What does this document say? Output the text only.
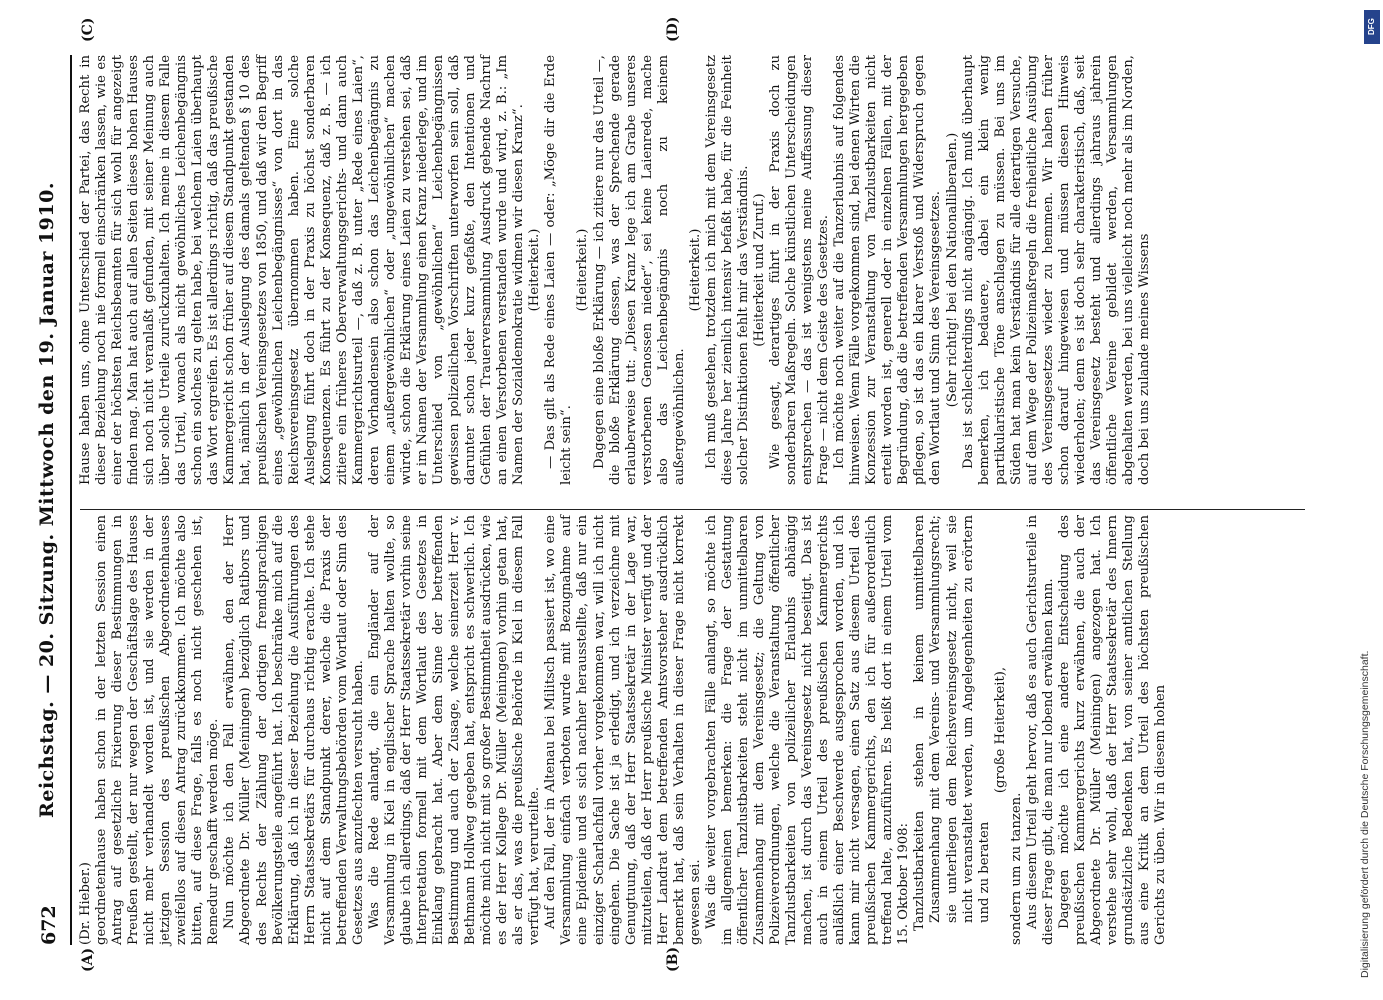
672
Reichstag. — 20. Sitzung. Mittwoch den 19. Januar 1910.
(A)	(B)
(C)	(D)

(Dr. Hieber.) geordnetenhause haben schon in der letzten Session einen Antrag auf gesetzliche Fixierung dieser Bestimmungen in Preußen gestellt, der nur wegen der Geschäftslage des Hauses nicht mehr verhandelt worden ist, und sie werden in der jetzigen Session des preußischen Abgeordnetenhauses zweifellos auf diesen Antrag zurückkommen. Ich möchte also bitten, auf diese Frage, falls es noch nicht geschehen ist, Remedur geschafft werden möge. Nun möchte ich den Fall erwähnen, den der Herr Abgeordnete Dr. Müller (Meiningen) bezüglich Ratibors und des Rechts der Zählung der dortigen fremdsprachigen Bevölkerungsteile angeführt hat. Ich beschränke mich auf die Erklärung, daß ich in dieser Beziehung die Ausführungen des Herrn Staatssekretärs für durchaus richtig erachte. Ich stehe nicht auf dem Standpunkt derer, welche die Praxis der betreffenden Verwaltungsbehörden vom Wortlaut oder Sinn des Gesetzes aus anzufechten versucht haben. Was die Rede anlangt, die ein Engländer auf der Versammlung in Kiel in englischer Sprache halten wollte, so glaube ich allerdings, daß der Herr Staatssekretär vorhin seine Interpretation formell mit dem Wortlaut des Gesetzes in Einklang gebracht hat. Aber dem Sinne der betreffenden Bestimmung und auch der Zusage, welche seinerzeit Herr v. Bethmann Hollweg gegeben hat, entspricht es schwerlich. Ich möchte mich nicht mit so großer Bestimmtheit ausdrücken, wie es der Herr Kollege Dr. Müller (Meiningen) vorhin getan hat, als er das, was die preußische Behörde in Kiel in diesem Fall verfügt hat, verurteilte. Auf den Fall, der in Altenau bei Militsch passiert ist, wo eine Versammlung einfach verboten wurde mit Bezugnahme auf eine Epidemie und es sich nachher herausstellte, daß nur ein einziger Scharlachfall vorher vorgekommen war, will ich nicht eingehen. Die Sache ist ja erledigt, und ich verzeichne mit Genugtuung, daß der Herr Staatssekretär in der Lage war, mitzuteilen, daß der Herr preußische Minister verfügt und der Herr Landrat dem betreffenden Amtsvorsteher ausdrücklich bemerkt hat, daß sein Verhalten in dieser Frage nicht korrekt gewesen sei. Was die weiter vorgebrachten Fälle anlangt, so möchte ich im allgemeinen bemerken: die Frage der Gestattung öffentlicher Tanzlustbarkeiten steht nicht im unmittelbaren Zusammenhang mit dem Vereinsgesetz; die Geltung von Polizeiverordnungen, welche die Veranstaltung öffentlicher Tanzlustbarkeiten von polizeilicher Erlaubnis abhängig machen, ist durch das Vereinsgesetz nicht beseitigt. Das ist auch in einem Urteil des preußischen Kammergerichts anläßlich einer Beschwerde ausgesprochen worden, und ich kann mir nicht versagen, einen Satz aus diesem Urteil des preußischen Kammergerichts, den ich für außerordentlich treffend halte, anzuführen. Es heißt dort in einem Urteil vom 15. Oktober 1908: Tanzlustbarkeiten stehen in keinem unmittelbaren Zusammenhang mit dem Vereins- und Versammlungsrecht; sie unterliegen dem Reichsvereinsgesetz nicht, weil sie nicht veranstaltet werden, um Angelegenheiten zu erörtern und zu beraten

(große Heiterkeit),

sondern um zu tanzen. Aus diesem Urteil geht hervor, daß es auch Gerichtsurteile in dieser Frage gibt, die man nur lobend erwähnen kann. Dagegen möchte ich eine andere Entscheidung des preußischen Kammergerichts kurz erwähnen, die auch der Abgeordnete Dr. Müller (Meiningen) angezogen hat. Ich verstehe sehr wohl, daß der Herr Staatssekretär des Innern grundsätzliche Bedenken hat, von seiner amtlichen Stellung aus eine Kritik an dem Urteil des höchsten preußischen Gerichts zu üben. Wir in diesem hohen

Hause haben uns, ohne Unterschied der Partei, das Recht in dieser Beziehung noch nie formell einschränken lassen, wie es einer der höchsten Reichsbeamten für sich wohl für angezeigt finden mag. Man hat auch auf allen Seiten dieses hohen Hauses sich noch nicht veranlaßt gefunden, mit seiner Meinung auch über solche Urteile zurückzuhalten. Ich meine in diesem Falle das Urteil, wonach als nicht gewöhnliches Leichenbegängnis schon ein solches zu gelten habe, bei welchem Laien überhaupt das Wort ergreifen. Es ist allerdings richtig, daß das preußische Kammergericht schon früher auf diesem Standpunkt gestanden hat, nämlich in der Auslegung des damals geltenden § 10 des preußischen Vereinsgesetzes von 1850, und daß wir den Begriff eines „gewöhnlichen Leichenbegängnisses“ von dort in das Reichsvereinsgesetz übernommen haben. Eine solche Auslegung führt doch in der Praxis zu höchst sonderbaren Konsequenzen. Es führt zu der Konsequenz, daß z. B. — ich zitiere ein früheres Oberverwaltungsgerichts- und dann auch Kammergerichtsurteil —, daß z. B. unter „Rede eines Laien“, deren Vorhandensein also schon das Leichenbegängnis zu einem „außergewöhnlichen“ oder „ungewöhnlichen“ machen würde, schon die Erklärung eines Laien zu verstehen sei, daß er im Namen der Versammlung einen Kranz niederlege, und im Unterschied von „gewöhnlichen“ Leichenbegängnissen gewissen polizeilichen Vorschriften unterworfen sein soll, daß darunter schon jeder kurz gefaßte, den Intentionen und Gefühlen der Trauerversammlung Ausdruck gebende Nachruf an einen Verstorbenen verstanden wurde und wird, z. B.: „Im Namen der Sozialdemokratie widmen wir diesen Kranz“. (Heiterkeit.) — Das gilt als Rede eines Laien — oder: „Möge dir die Erde leicht sein“.

(Heiterkeit.) Dagegen eine bloße Erklärung — ich zitiere nur das Urteil —, die bloße Erklärung dessen, was der Sprechende gerade erlauberweise tut: „Diesen Kranz lege ich am Grabe unseres verstorbenen Genossen nieder“, sei keine Laienrede, mache also das Leichenbegängnis noch zu keinem außergewöhnlichen.

(Heiterkeit.) Ich muß gestehen, trotzdem ich mich mit dem Vereinsgesetz diese Jahre her ziemlich intensiv befaßt habe, für die Feinheit solcher Distinktionen fehlt mir das Verständnis. (Heiterkeit und Zuruf.) Wie gesagt, derartiges führt in der Praxis doch zu sonderbaren Maßregeln. Solche künstlichen Unterscheidungen entsprechen — das ist wenigstens meine Auffassung dieser Frage — nicht dem Geiste des Gesetzes. Ich möchte noch weiter auf die Tanzerlaubnis auf folgendes hinweisen. Wenn Fälle vorgekommen sind, bei denen Wirten die Konzession zur Veranstaltung von Tanzlustbarkeiten nicht erteilt worden ist, generell oder in einzelnen Fällen, mit der Begründung, daß die betreffenden Versammlungen hergegeben pflegen, so ist das ein klarer Verstoß und Widerspruch gegen den Wortlaut und Sinn des Vereinsgesetzes. (Sehr richtig! bei den Nationalliberalen.) Das ist schlechterdings nicht angängig. Ich muß überhaupt bemerken, ich bedauere, dabei ein klein wenig partikularistische Töne anschlagen zu müssen. Bei uns im Süden hat man kein Verständnis für alle derartigen Versuche, auf dem Wege der Polizeimaßregeln die freiheitliche Ausübung des Vereinsgesetzes wieder zu hemmen. Wir haben früher schon darauf hingewiesen und müssen diesen Hinweis wiederholen; denn es ist doch sehr charakteristisch, daß, seit das Vereinsgesetz besteht und allerdings jahraus jahrein öffentliche Vereine gebildet werden, Versammlungen abgehalten werden, bei uns vielleicht noch mehr als im Norden, doch bei uns zulande meines Wissens

DFG
Digitalisierung gefördert durch die Deutsche Forschungsgemeinschaft.
